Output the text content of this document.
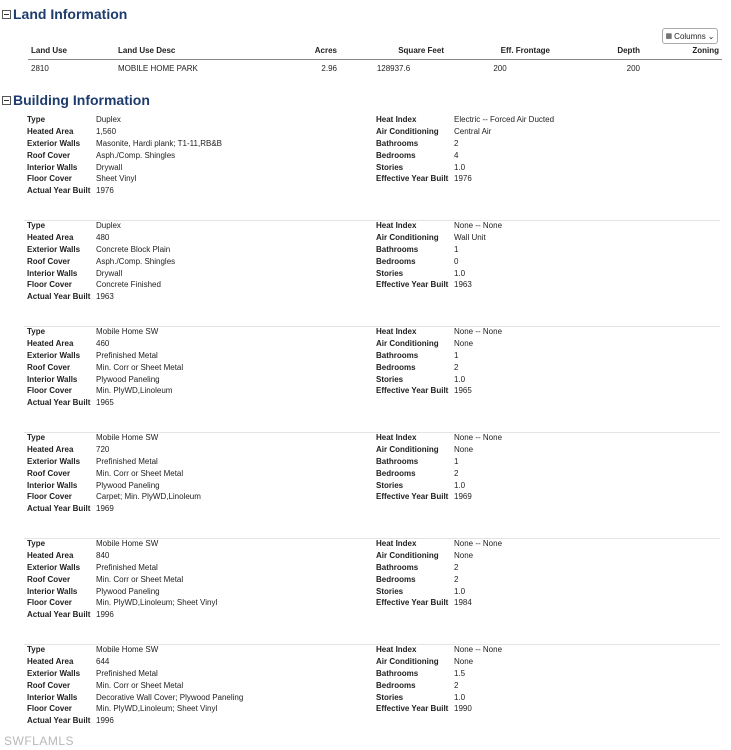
Land Information
▦ Columns ⌄
Land Use	Land Use Desc	Acres	Square Feet	Eff. Frontage	Depth	Zoning
2810	MOBILE HOME PARK	2.96	128937.6	200	200	
Building Information
Type	Duplex
Heated Area	1,560
Exterior Walls Masonite, Hardi plank; T1-11,RB&B
Roof Cover	Asph./Comp. Shingles
Interior Walls Drywall
Floor Cover	Sheet Vinyl
Actual Year Built 1976
Heat Index	Electric -- Forced Air Ducted
Air Conditioning Central Air
Bathrooms	2
Bedrooms	4
Stories	1.0
Effective Year Built 1976
Type	Duplex
Heated Area	480
Exterior Walls Concrete Block Plain
Roof Cover	Asph./Comp. Shingles
Interior Walls Drywall
Floor Cover	Concrete Finished
Actual Year Built 1963
Heat Index	None -- None
Air Conditioning Wall Unit
Bathrooms	1
Bedrooms	0
Stories	1.0
Effective Year Built 1963
Type	Mobile Home SW
Heated Area	460
Exterior Walls Prefinished Metal
Roof Cover	Min. Corr or Sheet Metal
Interior Walls Plywood Paneling
Floor Cover	Min. PlyWD,Linoleum
Actual Year Built 1965
Heat Index	None -- None
Air Conditioning None
Bathrooms	1
Bedrooms	2
Stories	1.0
Effective Year Built 1965
Type	Mobile Home SW
Heated Area	720
Exterior Walls Prefinished Metal
Roof Cover	Min. Corr or Sheet Metal
Interior Walls Plywood Paneling
Floor Cover	Carpet; Min. PlyWD,Linoleum
Actual Year Built 1969
Heat Index	None -- None
Air Conditioning None
Bathrooms	1
Bedrooms	2
Stories	1.0
Effective Year Built 1969
Type	Mobile Home SW
Heated Area	840
Exterior Walls Prefinished Metal
Roof Cover	Min. Corr or Sheet Metal
Interior Walls Plywood Paneling
Floor Cover	Min. PlyWD,Linoleum; Sheet Vinyl
Actual Year Built 1996
Heat Index	None -- None
Air Conditioning None
Bathrooms	2
Bedrooms	2
Stories	1.0
Effective Year Built 1984
Type	Mobile Home SW
Heated Area	644
Exterior Walls Prefinished Metal
Roof Cover	Min. Corr or Sheet Metal
Interior Walls Decorative Wall Cover; Plywood Paneling
Floor Cover	Min. PlyWD,Linoleum; Sheet Vinyl
Actual Year Built 1996
Heat Index	None -- None
Air Conditioning None
Bathrooms	1.5
Bedrooms	2
Stories	1.0
Effective Year Built 1990
SWFLAMLS
